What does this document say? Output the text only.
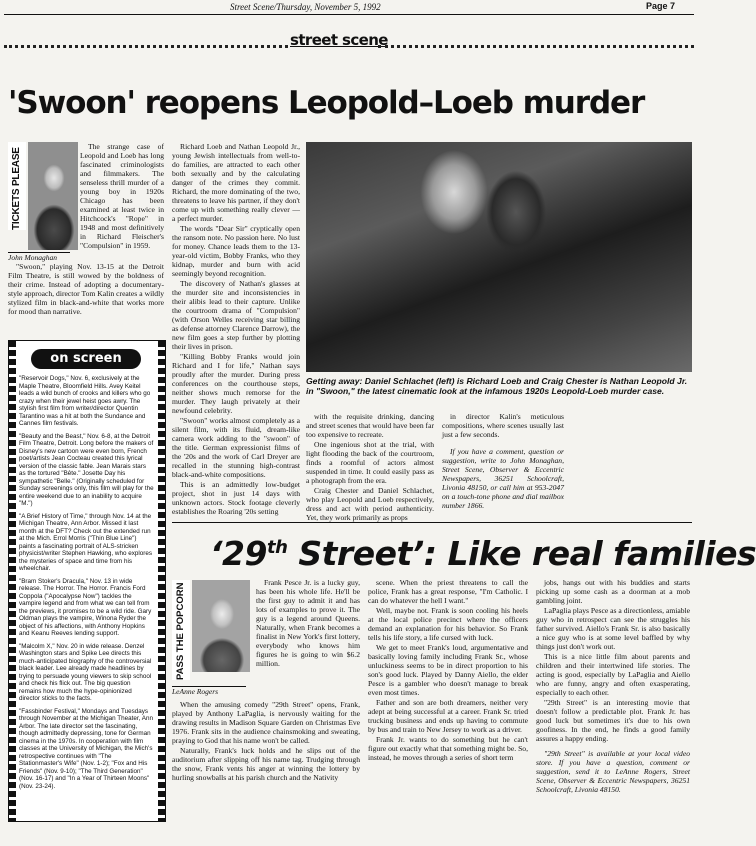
Street Scene/Thursday, November 5, 1992	Page 7
street scene
'Swoon' reopens Leopold–Loeb murder
TICKETS PLEASE
John Monaghan

The strange case of Leopold and Loeb has long fascinated criminologists and filmmakers. The senseless thrill murder of a young boy in 1920s Chicago has been examined at least twice in Hitchcock's "Rope" in 1948 and most definitively in Richard Fleischer's "Compulsion" in 1959.

"Swoon," playing Nov. 13-15 at the Detroit Film Theatre, is still wowed by the boldness of their crime. Instead of adopting a documentary-style approach, director Tom Kalin creates a wildly stylized film in black-and-white that works more for mood than narrative.

Richard Loeb and Nathan Leopold Jr., young Jewish intellectuals from well-to-do families, are attracted to each other both sexually and by the calculating danger of the crimes they commit. Richard, the more dominating of the two, threatens to leave his partner, if they don't come up with something really clever — a perfect murder.

The words "Dear Sir" cryptically open the ransom note. No passion here. No lust for money. Chance leads them to the 13-year-old victim, Bobby Franks, who they kidnap, murder and burn with acid seemingly beyond recognition.

The discovery of Nathan's glasses at the murder site and inconsistencies in their alibis lead to their capture. Unlike the courtroom drama of "Compulsion" (with Orson Welles receiving star billing as defense attorney Clarence Darrow), the new film goes a step further by plotting their lives in prison.

"Killing Bobby Franks would join Richard and I for life," Nathan says proudly after the murder. During press conferences on the courthouse steps, neither shows much remorse for the murder. They laugh privately at their newfound celebrity.

"Swoon" works almost completely as a silent film, with its fluid, dream-like camera work adding to the "swoon" of the title. German expressionist films of the '20s and the work of Carl Dreyer are recalled in the stunning high-contrast black-and-white compositions.

This is an admittedly low-budget project, shot in just 14 days with unknown actors. Stock footage cleverly establishes the Roaring '20s setting

Getting away: Daniel Schlachet (left) is Richard Loeb and Craig Chester is Nathan Leopold Jr. in "Swoon," the latest cinematic look at the infamous 1920s Leopold-Loeb murder case.

with the requisite drinking, dancing and street scenes that would have been far too expensive to recreate.

One ingenious shot at the trial, with light flooding the back of the courtroom, finds a roomful of actors almost suspended in time. It could easily pass as a photograph from the era.

Craig Chester and Daniel Schlachet, who play Leopold and Loeb respectively, dress and act with period authenticity. Yet, they work primarily as props

in director Kalin's meticulous compositions, where scenes usually last just a few seconds.

If you have a comment, question or suggestion, write to John Monaghan, Street Scene, Observer & Eccentric Newspapers, 36251 Schoolcraft, Livonia 48150, or call him at 953-2047 on a touch-tone phone and dial mailbox number 1866.

on screen
"Reservoir Dogs," Nov. 6, exclusively at the Maple Theatre, Bloomfield Hills. Avey Keitel leads a wild bunch of crooks and killers who go crazy when their jewel heist goes awry. The stylish first film from writer/director Quentin Tarantino was a hit at both the Sundance and Cannes film festivals.
"Beauty and the Beast," Nov. 6-8, at the Detroit Film Theatre, Detroit. Long before the makers of Disney's new cartoon were even born, French poet/artists Jean Cocteau created this lyrical version of the classic fable. Jean Marais stars as the tortured "Bête." Josette Day his sympathetic "Belle." (Originally scheduled for Sunday screenings only, this film will play for the entire weekend due to an inability to acquire "M.")
"A Brief History of Time," through Nov. 14 at the Michigan Theatre, Ann Arbor. Missed it last month at the DFT? Check out the extended run at the Mich. Errol Morris ("Thin Blue Line") paints a fascinating portrait of ALS-stricken physicist/writer Stephen Hawking, who explores the mysteries of space and time from his wheelchair.
"Bram Stoker's Dracula," Nov. 13 in wide release. The Horror. The Horror. Francis Ford Coppola ("Apocalypse Now") tackles the vampire legend and from what we can tell from the previews, it promises to be a wild ride. Gary Oldman plays the vampire, Winona Ryder the object of his affections, with Anthony Hopkins and Keanu Reeves lending support.
"Malcolm X," Nov. 20 in wide release. Denzel Washington stars and Spike Lee directs this much-anticipated biography of the controversial black leader. Lee already made headlines by trying to persuade young viewers to skip school and check his flick out. The big question remains how much the hype-opinionized director sticks to the facts.
"Fassbinder Festival," Mondays and Tuesdays through November at the Michigan Theater, Ann Arbor. The late director set the fascinating, though admittedly depressing, tone for German cinema in the 1970s. In cooperation with film classes at the University of Michigan, the Mich's retrospective continues with "The Stationmaster's Wife" (Nov. 1-2); "Fox and His Friends" (Nov. 9-10); "The Third Generation" (Nov. 16-17) and "In a Year of Thirteen Moons" (Nov. 23-24).
‘29th Street’: Like real families
PASS THE POPCORN
LeAnne Rogers

Frank Pesce Jr. is a lucky guy, has been his whole life. He'll be the first guy to admit it and has lots of examples to prove it. The guy is a legend around Queens. Naturally, when Frank becomes a finalist in New York's first lottery, everybody who knows him figures he is going to win $6.2 million.

When the amusing comedy "29th Street" opens, Frank, played by Anthony LaPaglia, is nervously waiting for the drawing results in Madison Square Garden on Christmas Eve 1976. Frank sits in the audience chainsmoking and sweating, praying to God that his name won't be called.

Naturally, Frank's luck holds and he slips out of the auditorium after slipping off his name tag. Trudging through the snow, Frank vents his anger at winning the lottery by hurling snowballs at his parish church and the Nativity

scene. When the priest threatens to call the police, Frank has a great response, "I'm Catholic. I can do whatever the hell I want."

Well, maybe not. Frank is soon cooling his heels at the local police precinct where the officers demand an explanation for his behavior. So Frank tells his life story, a life cursed with luck.

We get to meet Frank's loud, argumentative and basically loving family including Frank Sr., whose unluckiness seems to be in direct proportion to his son's good luck. Played by Danny Aiello, the elder Pesce is a gambler who doesn't manage to break even most times.

Father and son are both dreamers, neither very adept at being successful at a career. Frank Sr. tried trucking business and ends up having to commute by bus and train to New Jersey to work as a driver.

Frank Jr. wants to do something but he can't figure out exactly what that something might be. So, instead, he moves through a series of short term

jobs, hangs out with his buddies and starts picking up some cash as a doorman at a mob gambling joint.

LaPaglia plays Pesce as a directionless, amiable guy who in retrospect can see the struggles his father survived. Aiello's Frank Sr. is also basically a nice guy who is at some level baffled by why things just don't work out.

This is a nice little film about parents and children and their intertwined life stories. The acting is good, especially by LaPaglia and Aiello who are funny, angry and often exasperating, especially to each other.

"29th Street" is an interesting movie that doesn't follow a predictable plot. Frank Jr. has good luck but sometimes it's due to his own goofiness. In the end, he finds a good family assures a happy ending.

"29th Street" is available at your local video store. If you have a question, comment or suggestion, send it to LeAnne Rogers, Street Scene, Observer & Eccentric Newspapers, 36251 Schoolcraft, Livonia 48150.
